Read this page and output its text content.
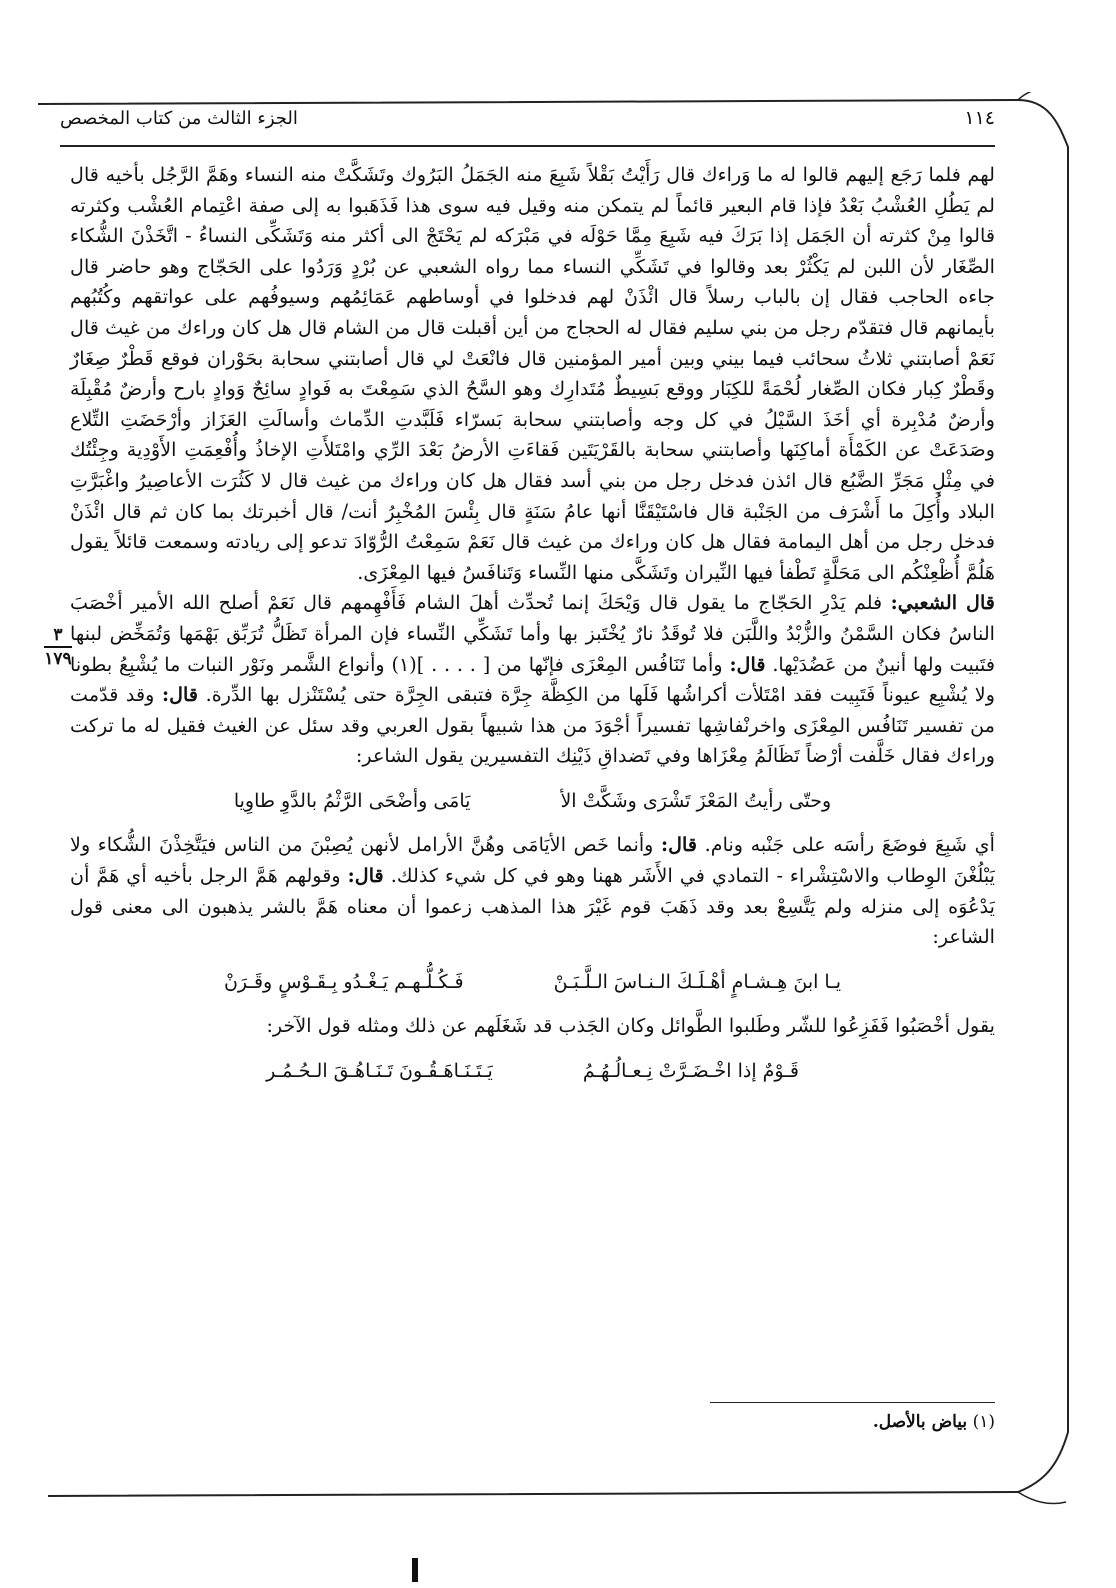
١١٤
الجزء الثالث من كتاب المخصص
٣
١٧٩

لهم فلما رَجَع إليهم قالوا له ما وَراءك قال رَأَيْتُ بَقْلاً شَبِعَ منه الجَمَلُ البَرُوك وتَشَكَّتْ منه النساء وهَمَّ الرَّجُل بأخيه قال لم يَطُلِ العُشْبُ بَعْدُ فإذا قام البعير قائماً لم يتمكن منه وقيل فيه سوى هذا فَذَهَبوا به إلى صفة اعْتِمام العُشْب وكثرته قالوا مِنْ كثرته أن الجَمَل إذا بَرَكَ فيه شَبِعَ مِمَّا حَوْلَه في مَبْرَكه لم يَحْتَجْ الى أكثر منه وَتَشَكِّى النساءُ - اتَّخَذْنَ الشُّكاء الصِّغَار لأن اللبن لم يَكْثُرْ بعد وقالوا في تَشَكِّي النساء مما رواه الشعبي عن بُرْدٍ وَرَدُوا على الحَجّاج وهو حاضر قال جاءه الحاجب فقال إن بالباب رسلاً قال ائْذَنْ لهم فدخلوا في أوساطهم عَمَائِمُهم وسيوفُهم على عواتقهم وكُتُبُهم بأيمانهم قال فتقدّم رجل من بني سليم فقال له الحجاج من أين أقبلت قال من الشام قال هل كان وراءك من غيث قال نَعَمْ أصابتني ثلاثُ سحائب فيما بيني وبين أمير المؤمنين قال فانْعَتْ لي قال أصابتني سحابة بحَوْران فوقع قَطْرٌ صِغَارٌ وقَطْرٌ كِبار فكان الصِّغار لُحْمَةً للكِبَار ووقع بَسِيطٌ مُتَدارِك وهو السَّحُ الذي سَمِعْتَ به فَوادٍ سائِحٌ وَوادٍ بارح وأرضٌ مُقْبِلَة وأرضٌ مُدْبِرة أي أخَذَ السَّيْلُ في كل وجه وأصابتني سحابة بَسرّاء فَلَبَّدتِ الدِّماث وأسالَتِ العَزَاز وأرْحَضَتِ التِّلاع وصَدَعَتْ عن الكَمْأَة أماكِنَها وأصابتني سحابة بالقَرْيَتَين فَقاءَتِ الأرضُ بَعْدَ الرِّي وامْتَلأَتِ الإخاذُ وأُفْعِمَتِ الأَوْدِية وجِئْتُك في مِثْلِ مَجَرِّ الضَّبُع قال ائذن فدخل رجل من بني أسد فقال هل كان وراءك من غيث قال لا كَثُرَت الأعاصِيرُ واغْبَرَّتِ البلاد وأُكِلَ ما أَشْرَف من الجَنْبة قال فاسْتَيْقَنَّا أنها عامُ سَنَةٍ قال بِئْسَ المُخْبِرُ أنت/ قال أخبرتك بما كان ثم قال ائْذَنْ فدخل رجل من أهل اليمامة فقال هل كان وراءك من غيث قال نَعَمْ سَمِعْتُ الرُّوّادَ تدعو إلى ريادته وسمعت قائلاً يقول هَلُمَّ أُظْعِنْكُم الى مَحَلَّةٍ تَطْفأ فيها النِّيران وتَشَكَّى منها النِّساء وَتَنافَسُ فيها المِعْزَى.

قال الشعبي: فلم يَدْرِ الحَجّاج ما يقول قال وَيْحَكَ إنما تُحدِّث أهلَ الشام فَأَفْهِمهم قال نَعَمْ أصلح الله الأمير أخْصَبَ الناسُ فكان السَّمْنُ والزُّبْدُ واللَّبَن فلا تُوقَدُ نارٌ يُخْتَبز بها وأما تَشَكِّي النِّساء فإن المرأة تَظَلُّ تُرَبِّق بَهْمَها وَتُمَخِّض لبنها فتَبيت ولها أنينٌ من عَضُدَيْها. قال: وأما تَنَافُس المِعْزَى فإنّها من [ . . . . ](١) وأنواع الشَّمر ونَوْر النبات ما يُشْبِعُ بطونا ولا يُشْبِع عيوناً فَتَبِيت فقد امْتَلأت أكراشُها فَلَها من الكِظَّة جِرَّة فتبقى الجِرَّة حتى يُسْتَنْزل بها الدِّرة. قال: وقد قدّمت من تفسير تَنَافُس المِعْزَى واخرنْفاشِها تفسيراً أجْوَدَ من هذا شبيهاً بقول العربي وقد سئل عن الغيث فقيل له ما تركت وراءك فقال خَلَّفت أرْضاً تَظَالَمُ مِعْزَاها وفي تَضداقِ ذَيْنِك التفسيرين يقول الشاعر:

وحتّى رأيتُ المَعْزَ تَشْرَى وشَكَّتْ الأ
يَامَى وأضْحَى الرَّثْمُ بالدَّوِ طاوِيا

أي شَبِعَ فوضَعَ رأسَه على جَنْبه ونام. قال: وأنما خَص الأيَامَى وهُنَّ الأرامل لأنهن يُصِبْنَ من الناس فيَتَّخِذْنَ الشُّكاء ولا يَبْلُغْنَ الوِطاب والاسْتِشْراء - التمادي في الأَشَر ههنا وهو في كل شيء كذلك. قال: وقولهم هَمَّ الرجل بأخيه أي هَمَّ أن يَدْعُوَه إلى منزله ولم يَتَّسِعْ بعد وقد ذَهَبَ قوم غَيْرَ هذا المذهب زعموا أن معناه هَمَّ بالشر يذهبون الى معنى قول الشاعر:

يـا ابنَ هِـشـامٍ أهْـلَـكَ الـنـاسَ الـلَّـبَـنْ
فَـكُـلُّـهـم يَـغْـدُو بِـقَـوْسٍ وقَـرَنْ

يقول أخْصَبُوا فَفَزِعُوا للشّر وطَلبوا الطَّوائل وكان الجَذب قد شَغَلَهم عن ذلك ومثله قول الآخر:

قَـوْمٌ إذا اخْـضَـرَّتْ نِـعـالُـهُـمُ
يَـتَـنَـاهَـقُـونَ تَـنَـاهُـقَ الـحُـمُـر
(١) بياض بالأصل.
